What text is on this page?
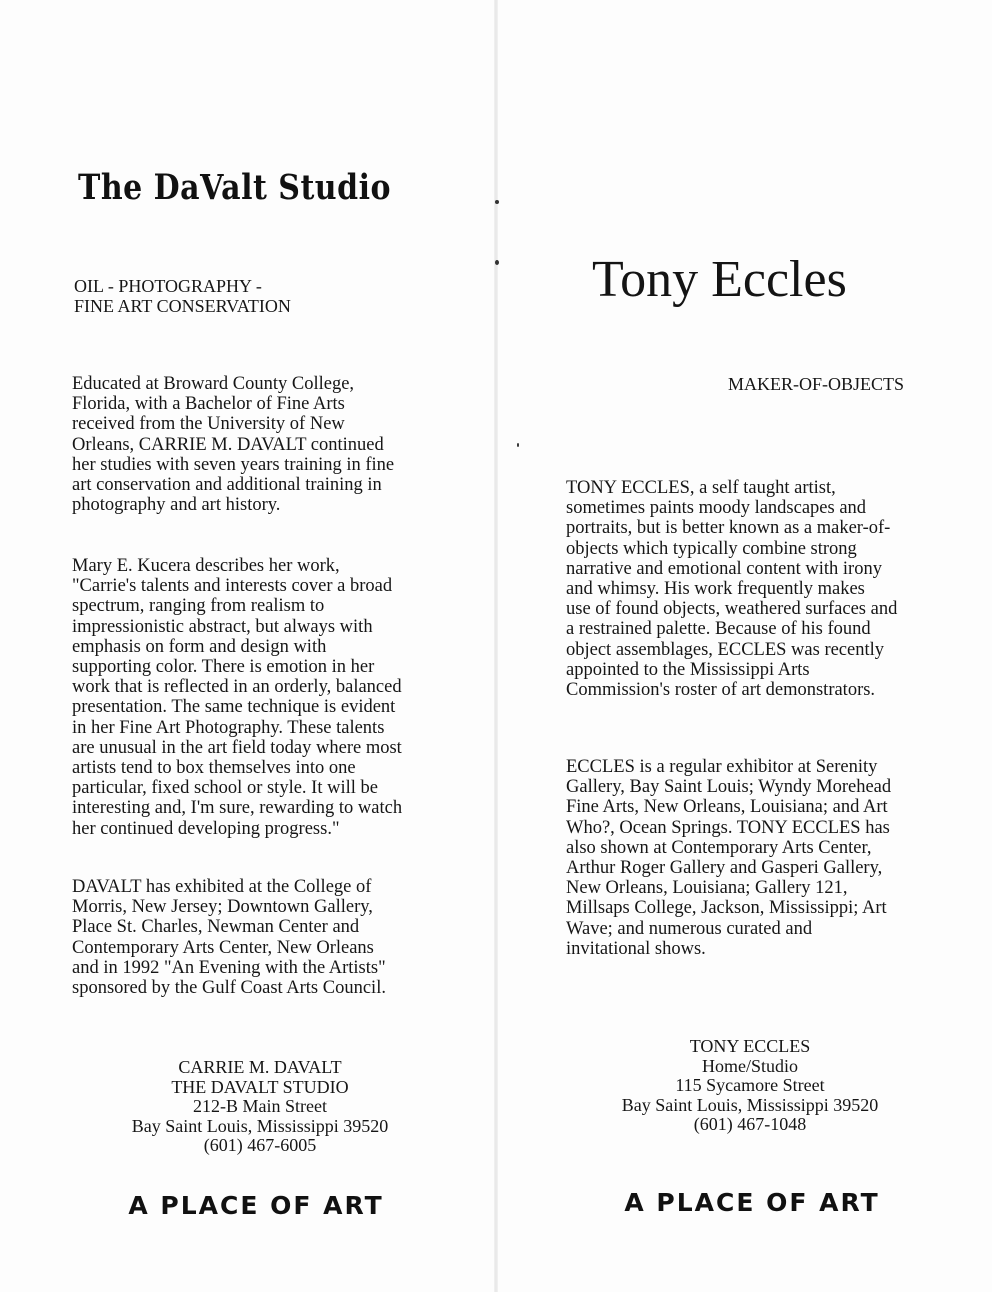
The DaValt Studio
OIL - PHOTOGRAPHY -
FINE ART CONSERVATION
Educated at Broward County College,
Florida, with a Bachelor of Fine Arts
received from the University of New
Orleans, CARRIE M. DAVALT continued
her studies with seven years training in fine
art conservation and additional training in
photography and art history.
Mary E. Kucera describes her work,
"Carrie's talents and interests cover a broad
spectrum, ranging from realism to
impressionistic abstract, but always with
emphasis on form and design with
supporting color. There is emotion in her
work that is reflected in an orderly, balanced
presentation. The same technique is evident
in her Fine Art Photography. These talents
are unusual in the art field today where most
artists tend to box themselves into one
particular, fixed school or style. It will be
interesting and, I'm sure, rewarding to watch
her continued developing progress."
DAVALT has exhibited at the College of
Morris, New Jersey; Downtown Gallery,
Place St. Charles, Newman Center and
Contemporary Arts Center, New Orleans
and in 1992 "An Evening with the Artists"
sponsored by the Gulf Coast Arts Council.
CARRIE M. DAVALT
THE DAVALT STUDIO
212-B Main Street
Bay Saint Louis, Mississippi 39520
(601) 467-6005
A PLACE OF ART
Tony Eccles
MAKER-OF-OBJECTS
TONY ECCLES, a self taught artist,
sometimes paints moody landscapes and
portraits, but is better known as a maker-of-
objects which typically combine strong
narrative and emotional content with irony
and whimsy. His work frequently makes
use of found objects, weathered surfaces and
a restrained palette. Because of his found
object assemblages, ECCLES was recently
appointed to the Mississippi Arts
Commission's roster of art demonstrators.
ECCLES is a regular exhibitor at Serenity
Gallery, Bay Saint Louis; Wyndy Morehead
Fine Arts, New Orleans, Louisiana; and Art
Who?, Ocean Springs. TONY ECCLES has
also shown at Contemporary Arts Center,
Arthur Roger Gallery and Gasperi Gallery,
New Orleans, Louisiana; Gallery 121,
Millsaps College, Jackson, Mississippi; Art
Wave; and numerous curated and
invitational shows.
TONY ECCLES
Home/Studio
115 Sycamore Street
Bay Saint Louis, Mississippi 39520
(601) 467-1048
A PLACE OF ART
